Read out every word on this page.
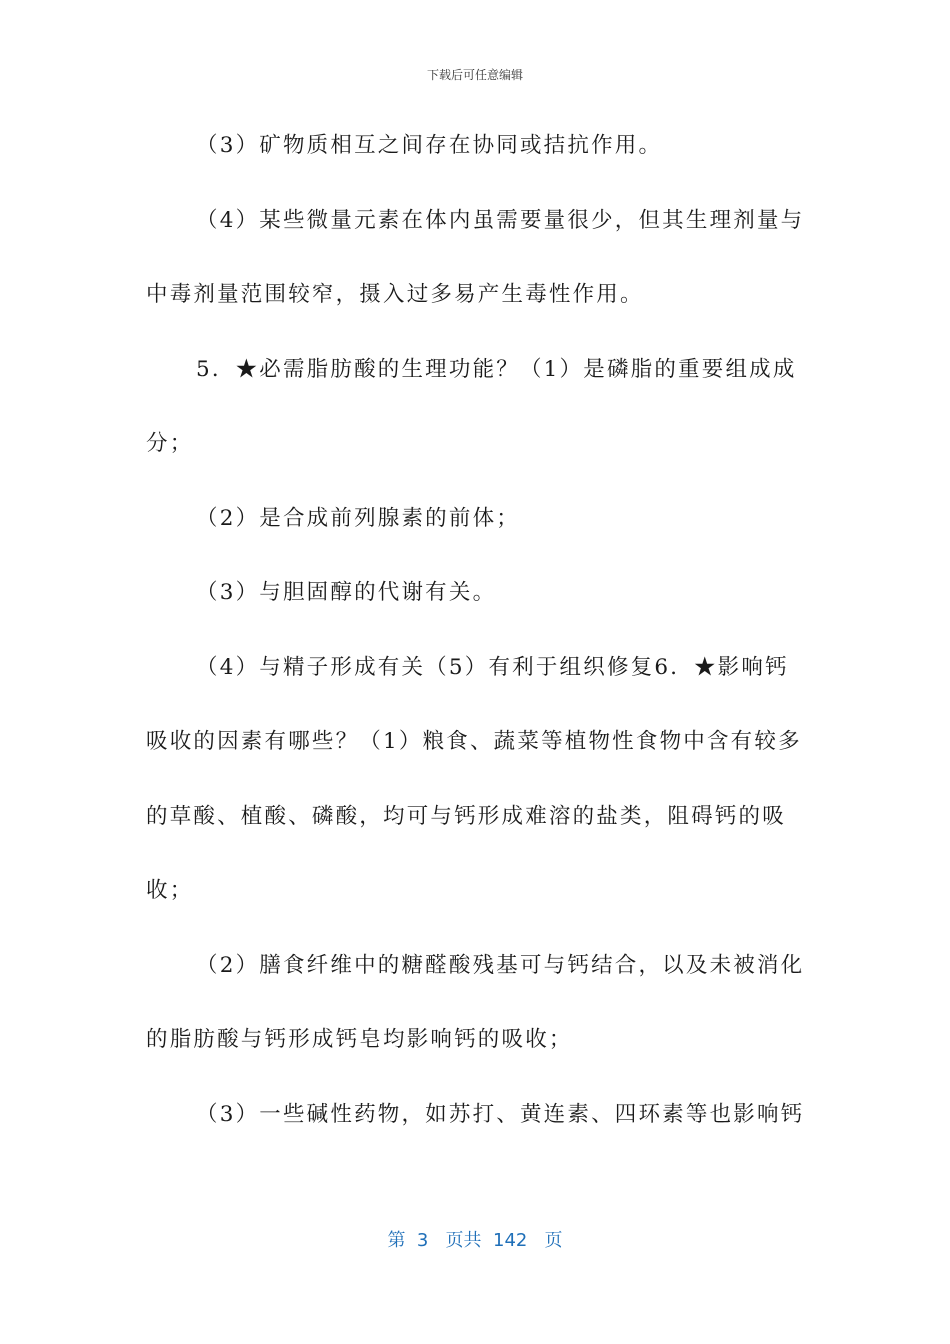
下载后可任意编辑
（3）矿物质相互之间存在协同或拮抗作用。
（4）某些微量元素在体内虽需要量很少，但其生理剂量与
中毒剂量范围较窄，摄入过多易产生毒性作用。
5．★必需脂肪酸的生理功能？（1）是磷脂的重要组成成
分；
（2）是合成前列腺素的前体；
（3）与胆固醇的代谢有关。
（4）与精子形成有关（5）有利于组织修复6．★影响钙
吸收的因素有哪些？（1）粮食、蔬菜等植物性食物中含有较多
的草酸、植酸、磷酸，均可与钙形成难溶的盐类，阻碍钙的吸
收；
（2）膳食纤维中的糖醛酸残基可与钙结合，以及未被消化
的脂肪酸与钙形成钙皂均影响钙的吸收；
（3）一些碱性药物，如苏打、黄连素、四环素等也影响钙
第  3   页共  142   页
